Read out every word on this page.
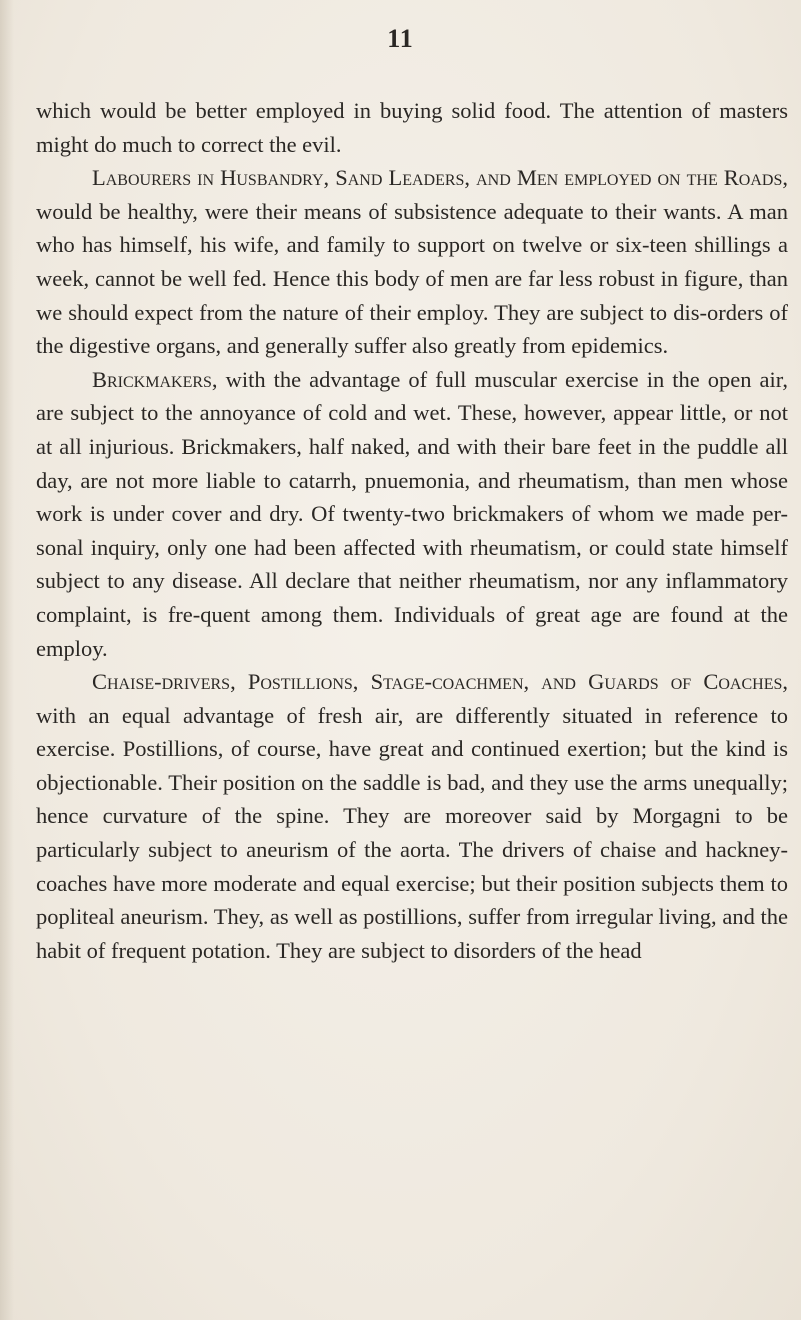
11

which would be better employed in buying solid food. The attention of masters might do much to correct the evil.

Labourers in Husbandry, Sand Leaders, and Men employed on the Roads, would be healthy, were their means of subsistence adequate to their wants. A man who has himself, his wife, and family to support on twelve or six-teen shillings a week, cannot be well fed. Hence this body of men are far less robust in figure, than we should expect from the nature of their employ. They are subject to dis-orders of the digestive organs, and generally suffer also greatly from epidemics.

Brickmakers, with the advantage of full muscular exercise in the open air, are subject to the annoyance of cold and wet. These, however, appear little, or not at all injurious. Brickmakers, half naked, and with their bare feet in the puddle all day, are not more liable to catarrh, pnuemonia, and rheumatism, than men whose work is under cover and dry. Of twenty-two brickmakers of whom we made per-sonal inquiry, only one had been affected with rheumatism, or could state himself subject to any disease. All declare that neither rheumatism, nor any inflammatory complaint, is fre-quent among them. Individuals of great age are found at the employ.

Chaise-drivers, Postillions, Stage-coachmen, and Guards of Coaches, with an equal advantage of fresh air, are differently situated in reference to exercise. Postillions, of course, have great and continued exertion; but the kind is objectionable. Their position on the saddle is bad, and they use the arms unequally; hence curvature of the spine. They are moreover said by Morgagni to be particularly subject to aneurism of the aorta. The drivers of chaise and hackney-coaches have more moderate and equal exercise; but their position subjects them to popliteal aneurism. They, as well as postillions, suffer from irregular living, and the habit of frequent potation. They are subject to disorders of the head
